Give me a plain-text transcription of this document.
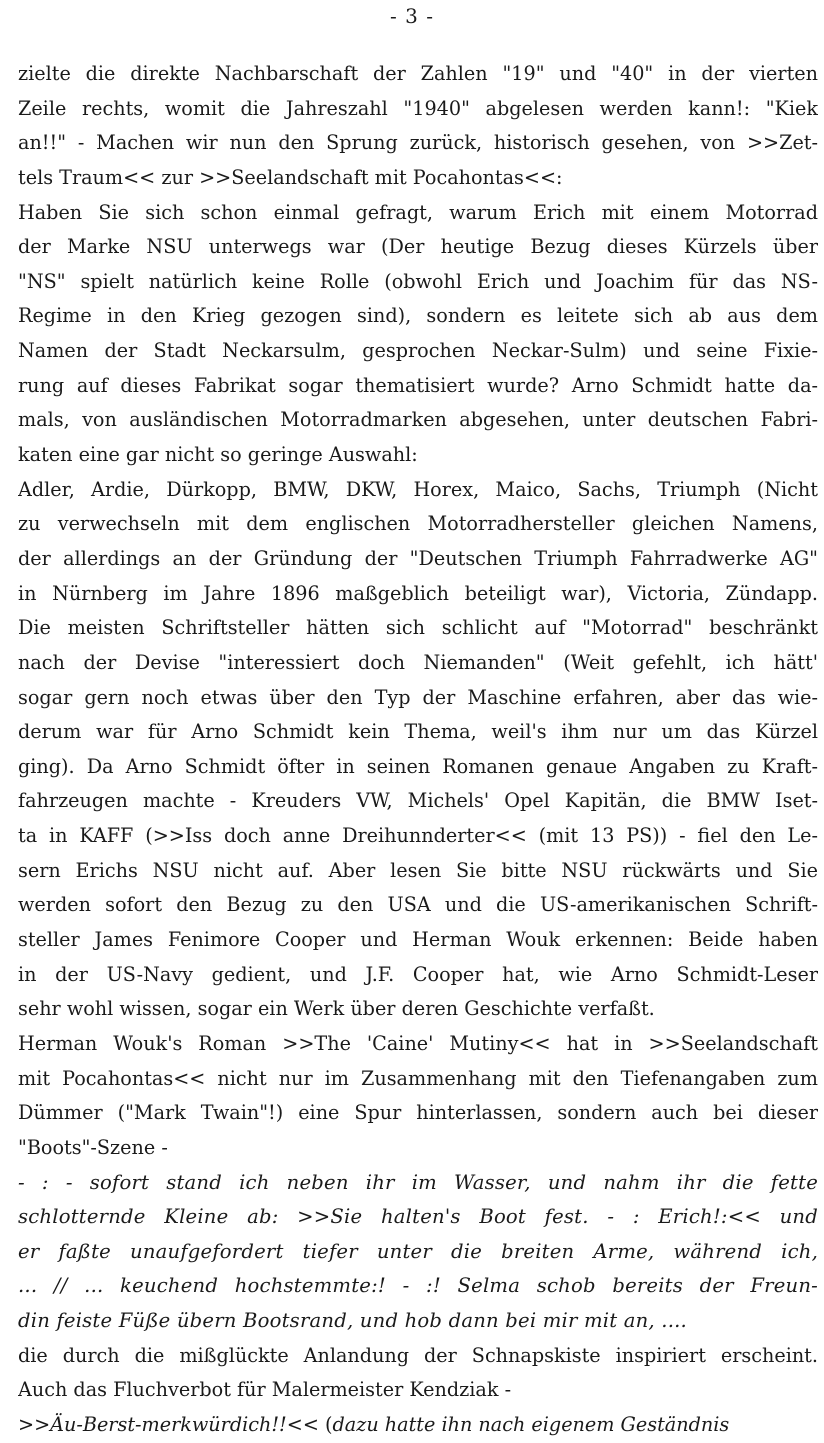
- 3 -
zielte die direkte Nachbarschaft der Zahlen "19" und "40" in der vierten
Zeile rechts, womit die Jahreszahl "1940" abgelesen werden kann!: "Kiek
an!!" - Machen wir nun den Sprung zurück, historisch gesehen, von >>Zet-
tels Traum<< zur >>Seelandschaft mit Pocahontas<<:
Haben Sie sich schon einmal gefragt, warum Erich mit einem Motorrad
der Marke NSU unterwegs war (Der heutige Bezug dieses Kürzels über
"NS" spielt natürlich keine Rolle (obwohl Erich und Joachim für das NS-
Regime in den Krieg gezogen sind), sondern es leitete sich ab aus dem
Namen der Stadt Neckarsulm, gesprochen Neckar-Sulm) und seine Fixie-
rung auf dieses Fabrikat sogar thematisiert wurde? Arno Schmidt hatte da-
mals, von ausländischen Motorradmarken abgesehen, unter deutschen Fabri-
katen eine gar nicht so geringe Auswahl:
Adler, Ardie, Dürkopp, BMW, DKW, Horex, Maico, Sachs, Triumph (Nicht
zu verwechseln mit dem englischen Motorradhersteller gleichen Namens,
der allerdings an der Gründung der "Deutschen Triumph Fahrradwerke AG"
in Nürnberg im Jahre 1896 maßgeblich beteiligt war), Victoria, Zündapp.
Die meisten Schriftsteller hätten sich schlicht auf "Motorrad" beschränkt
nach der Devise "interessiert doch Niemanden" (Weit gefehlt, ich hätt'
sogar gern noch etwas über den Typ der Maschine erfahren, aber das wie-
derum war für Arno Schmidt kein Thema, weil's ihm nur um das Kürzel
ging). Da Arno Schmidt öfter in seinen Romanen genaue Angaben zu Kraft-
fahrzeugen machte - Kreuders VW, Michels' Opel Kapitän, die BMW Iset-
ta in KAFF (>>Iss doch anne Dreihunnderter<< (mit 13 PS)) - fiel den Le-
sern Erichs NSU nicht auf. Aber lesen Sie bitte NSU rückwärts und Sie
werden sofort den Bezug zu den USA und die US-amerikanischen Schrift-
steller James Fenimore Cooper und Herman Wouk erkennen: Beide haben
in der US-Navy gedient, und J.F. Cooper hat, wie Arno Schmidt-Leser
sehr wohl wissen, sogar ein Werk über deren Geschichte verfaßt.
Herman Wouk's Roman >>The 'Caine' Mutiny<< hat in >>Seelandschaft
mit Pocahontas<< nicht nur im Zusammenhang mit den Tiefenangaben zum
Dümmer ("Mark Twain"!) eine Spur hinterlassen, sondern auch bei dieser
"Boots"-Szene -
- : - sofort stand ich neben ihr im Wasser, und nahm ihr die fette
schlotternde Kleine ab: >>Sie halten's Boot fest. - : Erich!:<< und
er faßte unaufgefordert tiefer unter die breiten Arme, während ich,
... // ... keuchend hochstemmte:! - :! Selma schob bereits der Freun-
din feiste Füße übern Bootsrand, und hob dann bei mir mit an, ....
die durch die mißglückte Anlandung der Schnapskiste inspiriert erscheint.
Auch das Fluchverbot für Malermeister Kendziak -
>>Äu-Berst-merkwürdich!!<< (dazu hatte ihn nach eigenem Geständnis
